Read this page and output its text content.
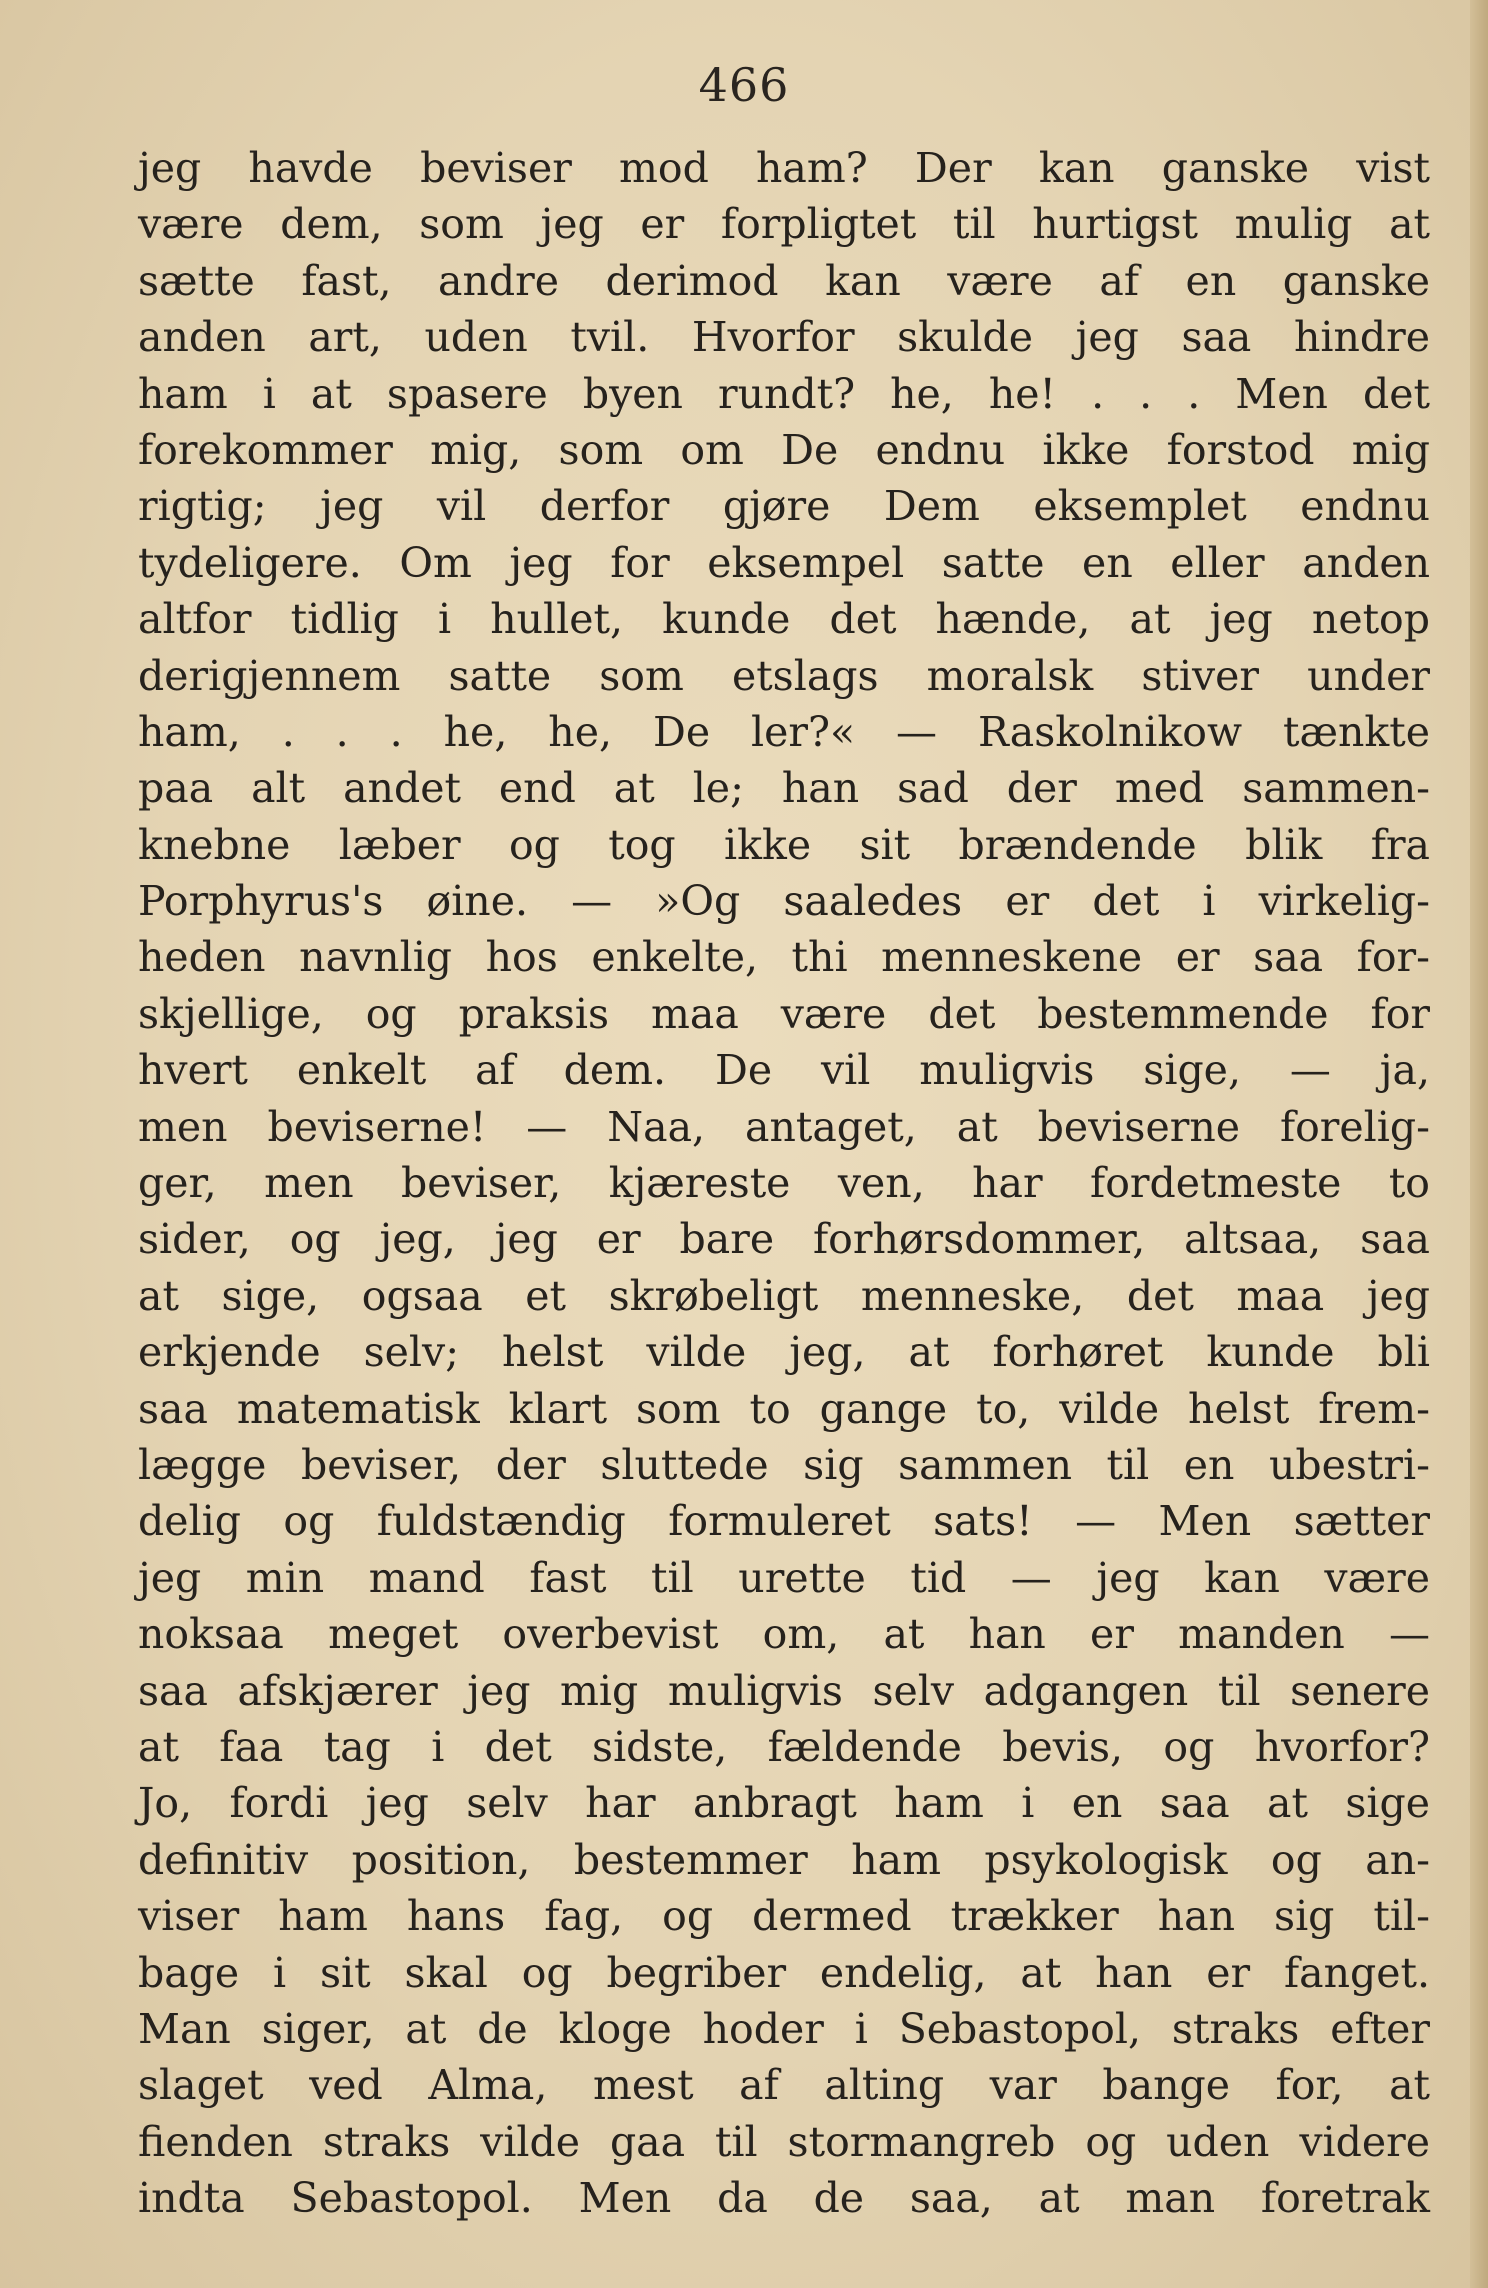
466
jeg havde beviser mod ham? Der kan ganske vist
være dem, som jeg er forpligtet til hurtigst mulig at
sætte fast, andre derimod kan være af en ganske
anden art, uden tvil. Hvorfor skulde jeg saa hindre
ham i at spasere byen rundt? he, he! . . . Men det
forekommer mig, som om De endnu ikke forstod mig
rigtig; jeg vil derfor gjøre Dem eksemplet endnu
tydeligere. Om jeg for eksempel satte en eller anden
altfor tidlig i hullet, kunde det hænde, at jeg netop
derigjennem satte som etslags moralsk stiver under
ham, . . . he, he, De ler?« — Raskolnikow tænkte
paa alt andet end at le; han sad der med sammen-
knebne læber og tog ikke sit brændende blik fra
Porphyrus's øine. — »Og saaledes er det i virkelig-
heden navnlig hos enkelte, thi menneskene er saa for-
skjellige, og praksis maa være det bestemmende for
hvert enkelt af dem. De vil muligvis sige, — ja,
men beviserne! — Naa, antaget, at beviserne forelig-
ger, men beviser, kjæreste ven, har fordetmeste to
sider, og jeg, jeg er bare forhørsdommer, altsaa, saa
at sige, ogsaa et skrøbeligt menneske, det maa jeg
erkjende selv; helst vilde jeg, at forhøret kunde bli
saa matematisk klart som to gange to, vilde helst frem-
lægge beviser, der sluttede sig sammen til en ubestri-
delig og fuldstændig formuleret sats! — Men sætter
jeg min mand fast til urette tid — jeg kan være
noksaa meget overbevist om, at han er manden —
saa afskjærer jeg mig muligvis selv adgangen til senere
at faa tag i det sidste, fældende bevis, og hvorfor?
Jo, fordi jeg selv har anbragt ham i en saa at sige
definitiv position, bestemmer ham psykologisk og an-
viser ham hans fag, og dermed trækker han sig til-
bage i sit skal og begriber endelig, at han er fanget.
Man siger, at de kloge hoder i Sebastopol, straks efter
slaget ved Alma, mest af alting var bange for, at
fienden straks vilde gaa til stormangreb og uden videre
indta Sebastopol. Men da de saa, at man foretrak
